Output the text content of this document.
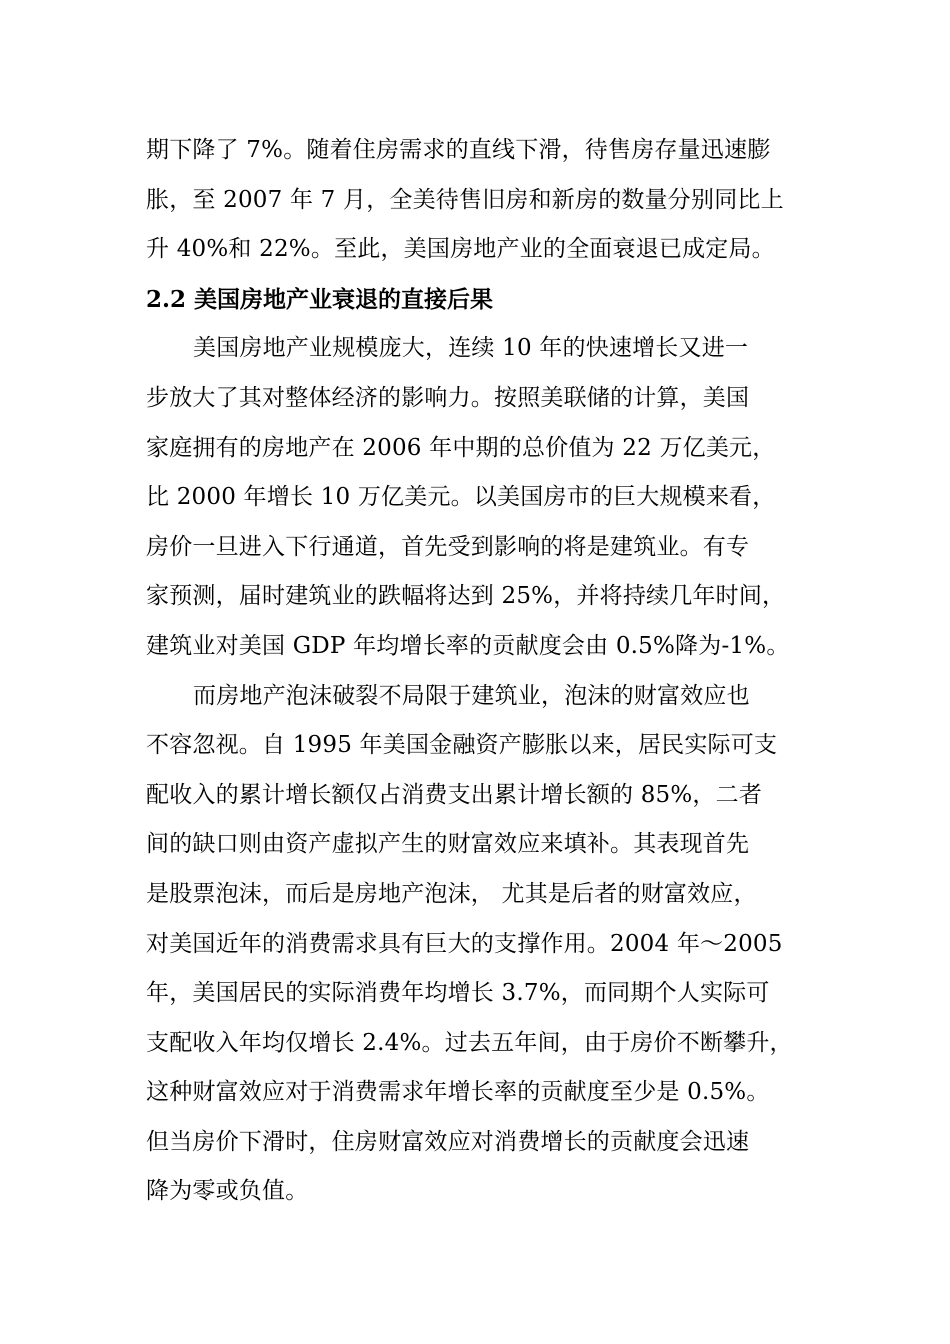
期下降了 7%。随着住房需求的直线下滑，待售房存量迅速膨
胀，至 2007 年 7 月，全美待售旧房和新房的数量分别同比上
升 40%和 22%。至此，美国房地产业的全面衰退已成定局。
2.2 美国房地产业衰退的直接后果
美国房地产业规模庞大，连续 10 年的快速增长又进一
步放大了其对整体经济的影响力。按照美联储的计算，美国
家庭拥有的房地产在 2006 年中期的总价值为 22 万亿美元，
比 2000 年增长 10 万亿美元。以美国房市的巨大规模来看，
房价一旦进入下行通道，首先受到影响的将是建筑业。有专
家预测，届时建筑业的跌幅将达到 25%，并将持续几年时间，
建筑业对美国 GDP 年均增长率的贡献度会由 0.5%降为-1%。
而房地产泡沫破裂不局限于建筑业，泡沫的财富效应也
不容忽视。自 1995 年美国金融资产膨胀以来，居民实际可支
配收入的累计增长额仅占消费支出累计增长额的 85%，二者
间的缺口则由资产虚拟产生的财富效应来填补。其表现首先
是股票泡沫，而后是房地产泡沫， 尤其是后者的财富效应，
对美国近年的消费需求具有巨大的支撑作用。2004 年～2005
年，美国居民的实际消费年均增长 3.7%，而同期个人实际可
支配收入年均仅增长 2.4%。过去五年间，由于房价不断攀升，
这种财富效应对于消费需求年增长率的贡献度至少是 0.5%。
但当房价下滑时，住房财富效应对消费增长的贡献度会迅速
降为零或负值。
